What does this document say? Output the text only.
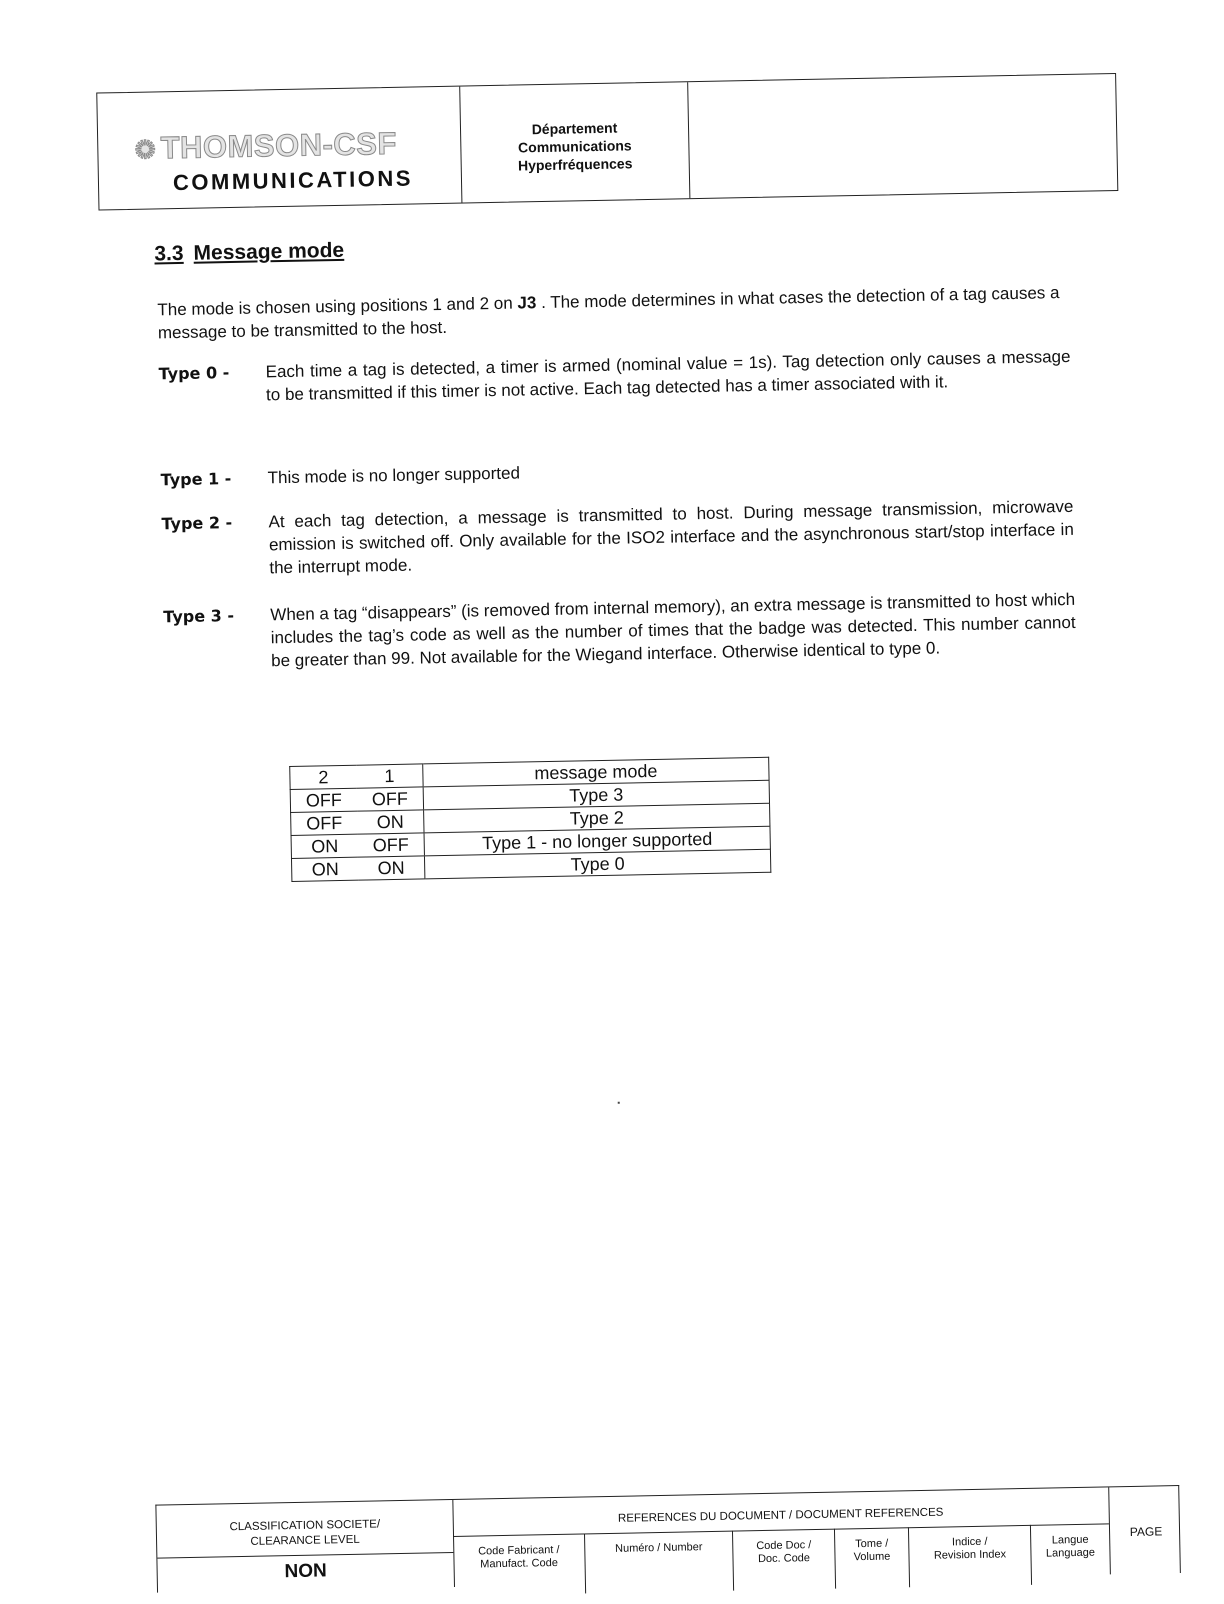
✺ THOMSON-CSF
COMMUNICATIONS
Département
Communications
Hyperfréquences
3.3 Message mode
The mode is chosen using positions 1 and 2 on J3 . The mode determines in what cases the detection of a tag causes a message to be transmitted to the host.
Type 0 -	Each time a tag is detected, a timer is armed (nominal value = 1s). Tag detection only causes a message to be transmitted if this timer is not active. Each tag detected has a timer associated with it.
Type 1 -	This mode is no longer supported
Type 2 -	At each tag detection, a message is transmitted to host. During message transmission, microwave emission is switched off. Only available for the ISO2 interface and the asynchronous start/stop interface in the interrupt mode.
Type 3 -	When a tag “disappears” (is removed from internal memory), an extra message is transmitted to host which includes the tag’s code as well as the number of times that the badge was detected. This number cannot be greater than 99. Not available for the Wiegand interface. Otherwise identical to type 0.
2	1	message mode
OFF	OFF	Type 3
OFF	ON	Type 2
ON	OFF	Type 1 - no longer supported
ON	ON	Type 0
CLASSIFICATION SOCIETE/
CLEARANCE LEVEL
NON
REFERENCES DU DOCUMENT / DOCUMENT REFERENCES
Code Fabricant /
Manufact. Code
Numéro / Number	Code Doc /
Doc. Code
Tome /
Volume
Indice /
Revision Index
Langue
Language
PAGE
